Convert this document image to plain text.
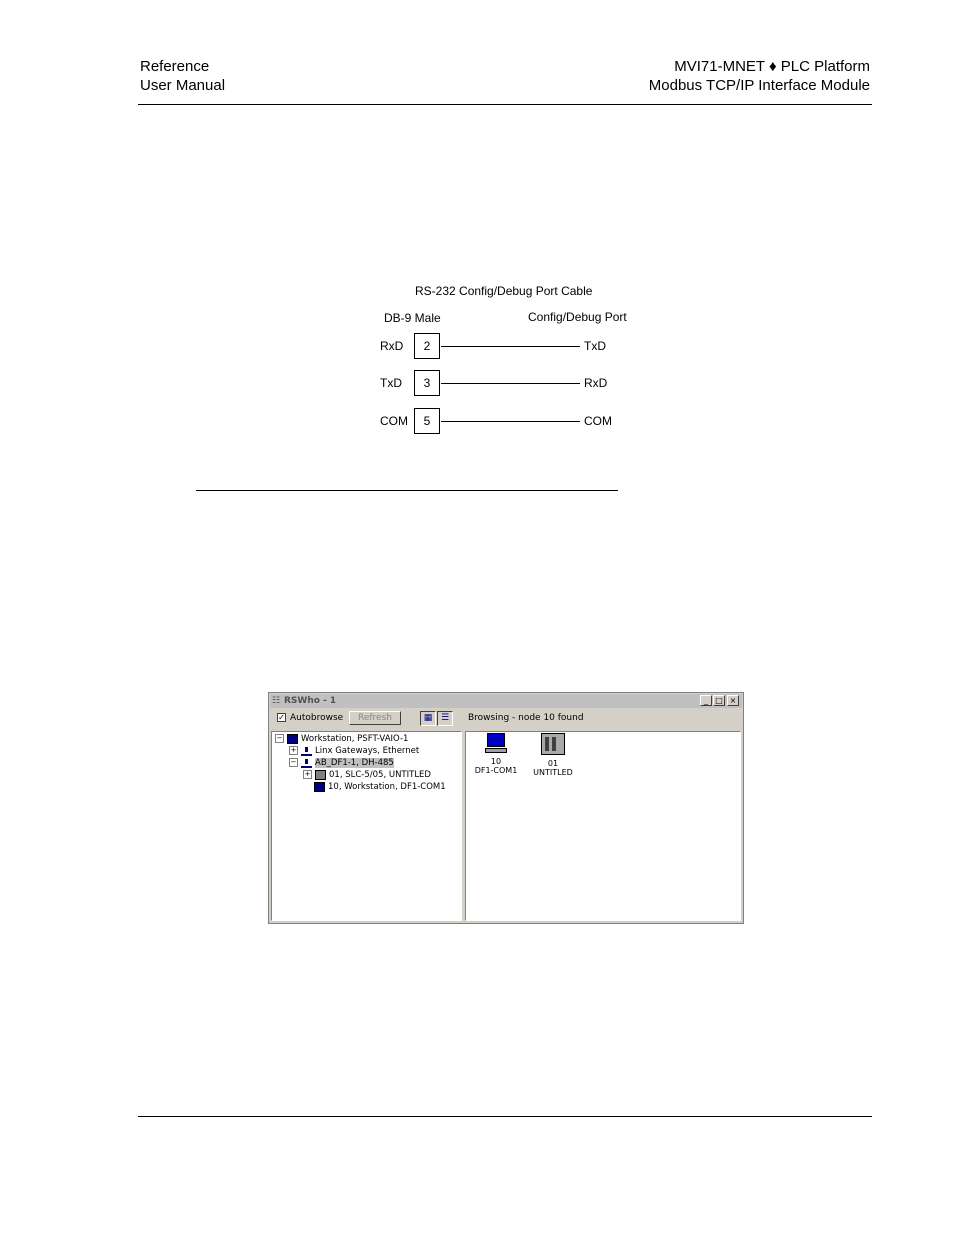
Reference
User Manual
MVI71-MNET ♦ PLC Platform
Modbus TCP/IP Interface Module
RS-232 Config/Debug Port Cable
DB-9 Male	Config/Debug Port
RxD	2	TxD
TxD	3	RxD
COM	5	COM
☷ RSWho - 1	_ □ ×
✓ Autobrowse	Refresh	▦ ☰	Browsing - node 10 found
− Workstation, PSFT-VAIO-1
+ Linx Gateways, Ethernet
− AB_DF1-1, DH-485
+ 01, SLC-5/05, UNTITLED
10, Workstation, DF1-COM1
10
DF1-COM1
01
UNTITLED
